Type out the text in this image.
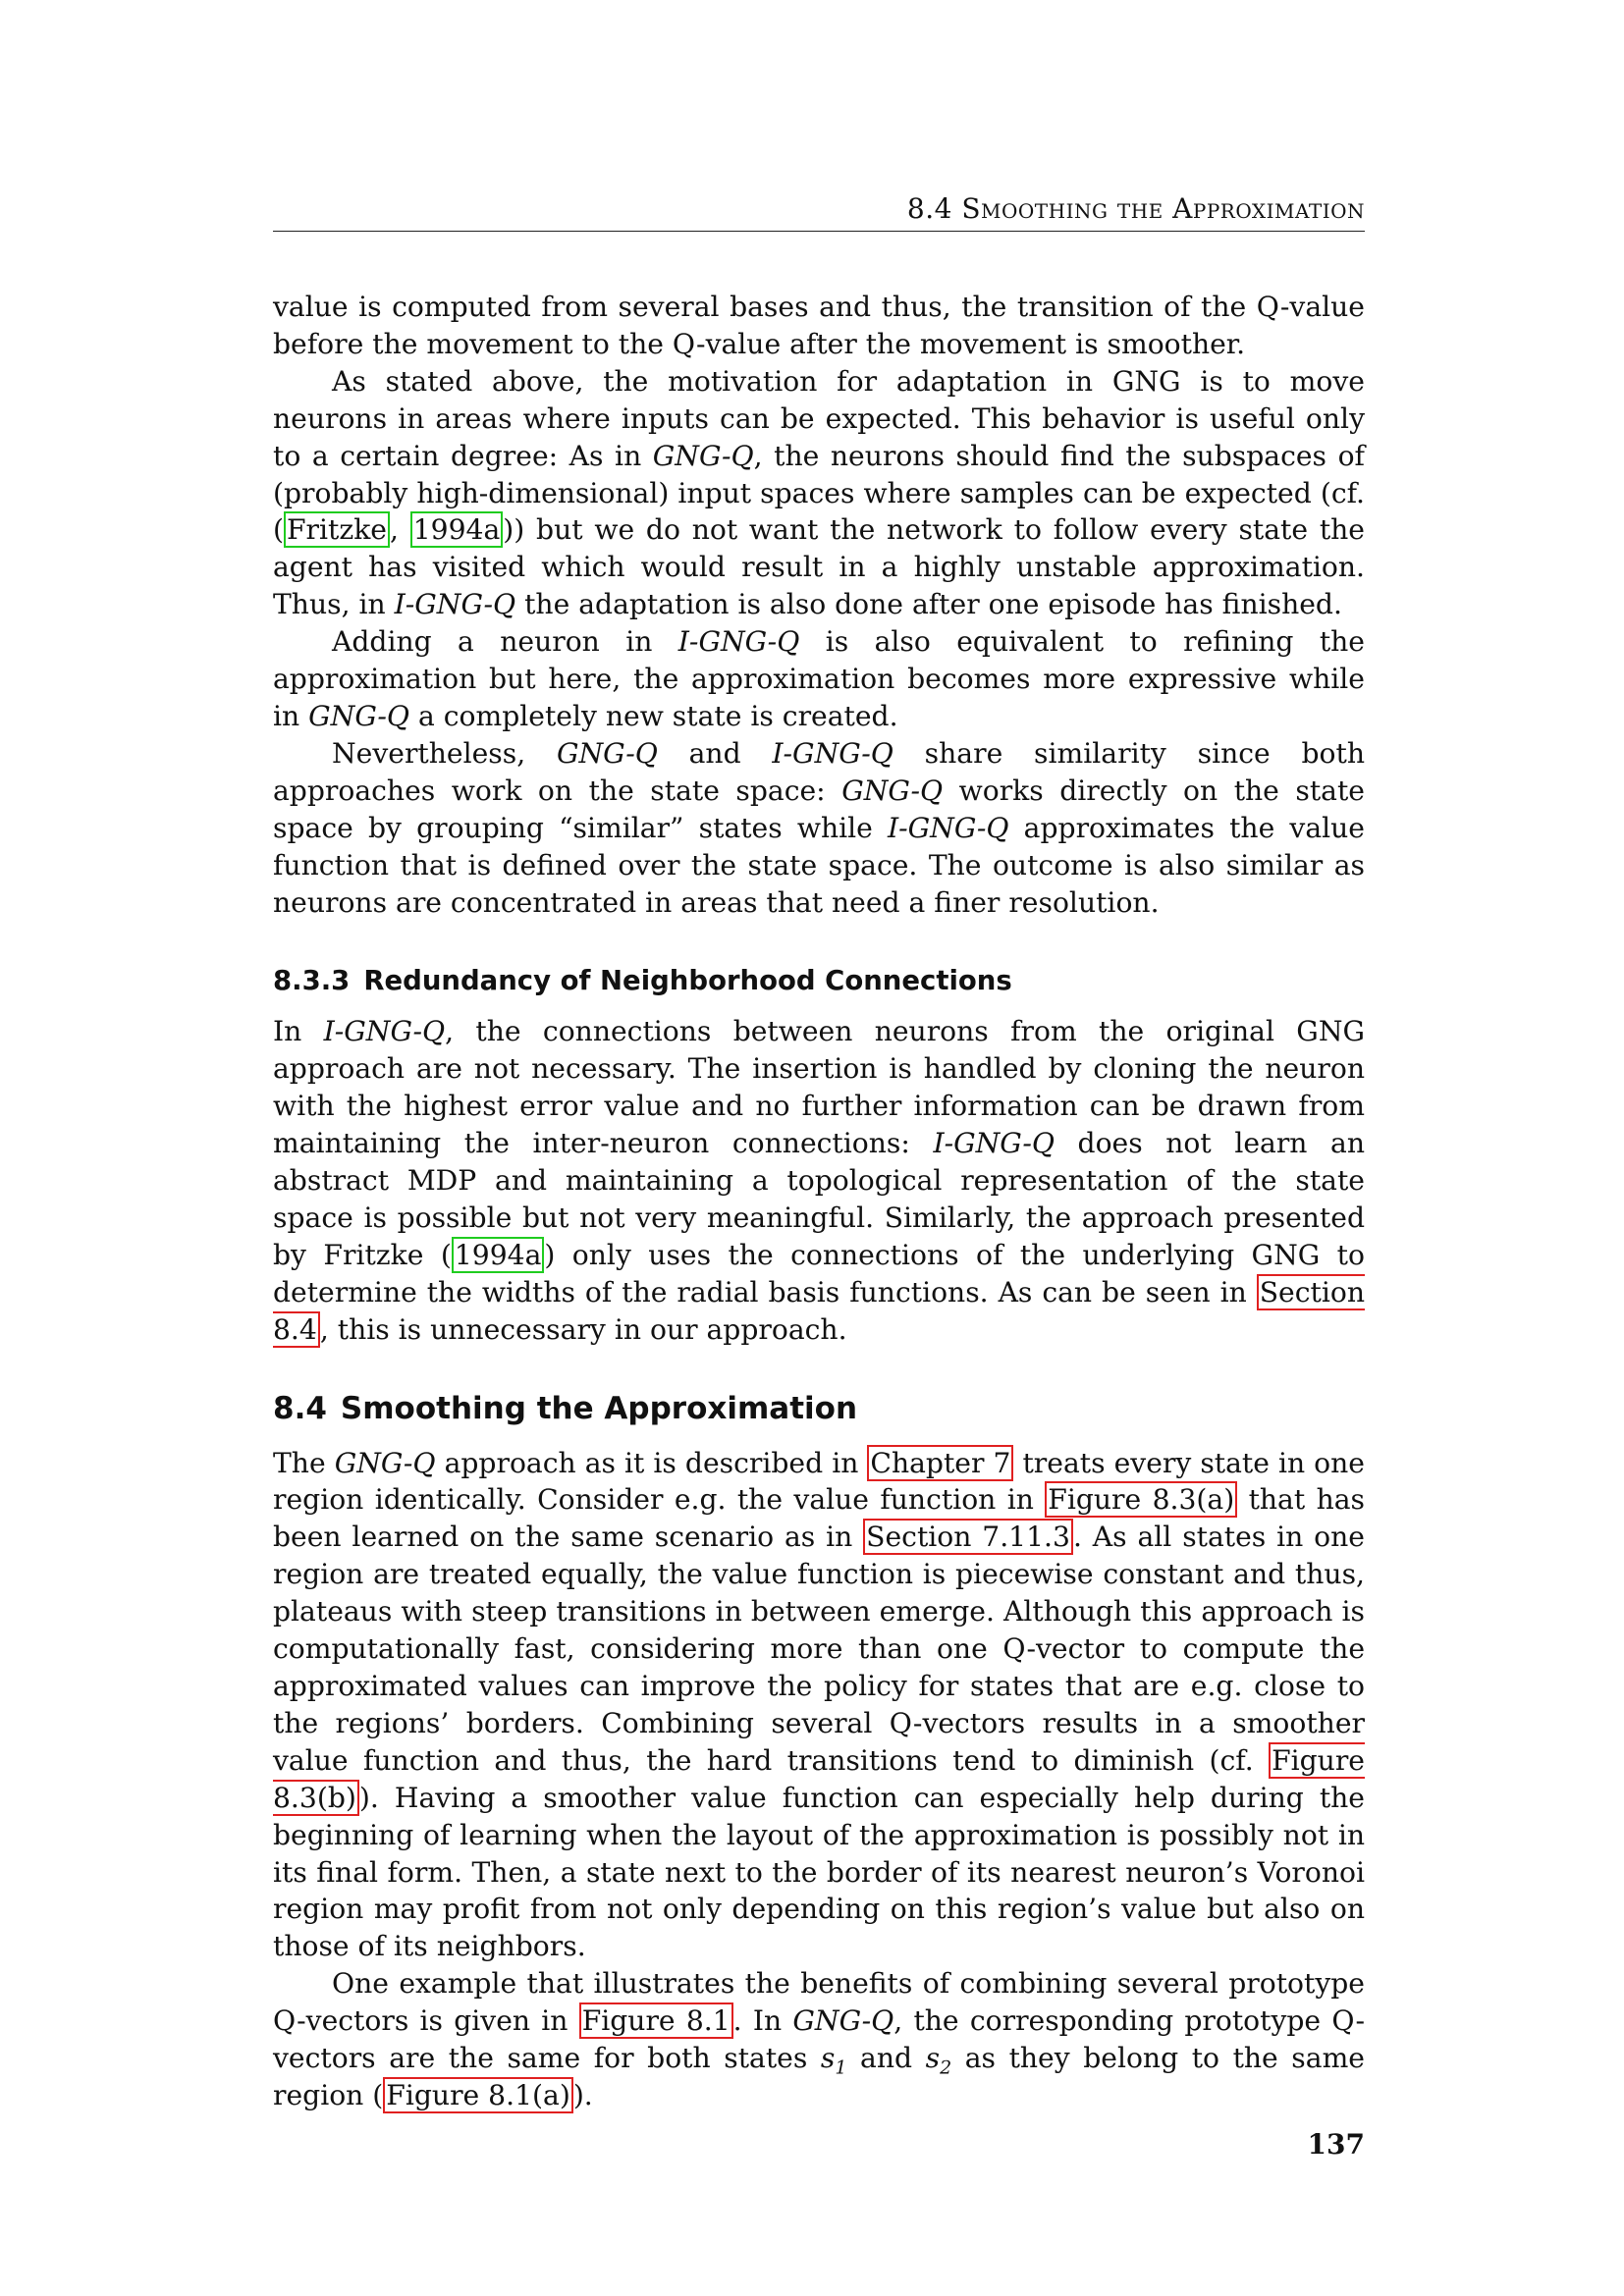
8.4 Smoothing the Approximation

value is computed from several bases and thus, the transition of the Q-value before the movement to the Q-value after the movement is smoother.

As stated above, the motivation for adaptation in GNG is to move neurons in areas where inputs can be expected. This behavior is useful only to a certain degree: As in GNG-Q, the neurons should find the subspaces of (probably high-dimensional) input spaces where samples can be expected (cf. ( Fritzke , 1994a )) but we do not want the network to follow every state the agent has visited which would result in a highly unstable approximation. Thus, in I-GNG-Q the adaptation is also done after one episode has finished.

Adding a neuron in I-GNG-Q is also equivalent to refining the approximation but here, the approximation becomes more expressive while in GNG-Q a completely new state is created.

Nevertheless, GNG-Q and I-GNG-Q share similarity since both approaches work on the state space: GNG-Q works directly on the state space by grouping “similar” states while I-GNG-Q approximates the value function that is defined over the state space. The outcome is also similar as neurons are concentrated in areas that need a finer resolution.

8.3.3 Redundancy of Neighborhood Connections

In I-GNG-Q, the connections between neurons from the original GNG approach are not necessary. The insertion is handled by cloning the neuron with the highest error value and no further information can be drawn from maintaining the inter-neuron connections: I-GNG-Q does not learn an abstract MDP and maintaining a topological representation of the state space is possible but not very meaningful. Similarly, the approach presented by Fritzke ( 1994a ) only uses the connections of the underlying GNG to determine the widths of the radial basis functions. As can be seen in Section 8.4 , this is unnecessary in our approach.

8.4 Smoothing the Approximation

The GNG-Q approach as it is described in Chapter 7 treats every state in one region identically. Consider e.g. the value function in Figure 8.3(a) that has been learned on the same scenario as in Section 7.11.3 . As all states in one region are treated equally, the value function is piecewise constant and thus, plateaus with steep transitions in between emerge. Although this approach is computationally fast, considering more than one Q-vector to compute the approximated values can improve the policy for states that are e.g. close to the regions’ borders. Combining several Q-vectors results in a smoother value function and thus, the hard transitions tend to diminish (cf. Figure 8.3(b) ). Having a smoother value function can especially help during the beginning of learning when the layout of the approximation is possibly not in its final form. Then, a state next to the border of its nearest neuron’s Voronoi region may profit from not only depending on this region’s value but also on those of its neighbors.

One example that illustrates the benefits of combining several prototype Q-vectors is given in Figure 8.1 . In GNG-Q, the corresponding prototype Q-vectors are the same for both states $s_1$ and $s_2$ as they belong to the same region ( Figure 8.1(a) ).

137
